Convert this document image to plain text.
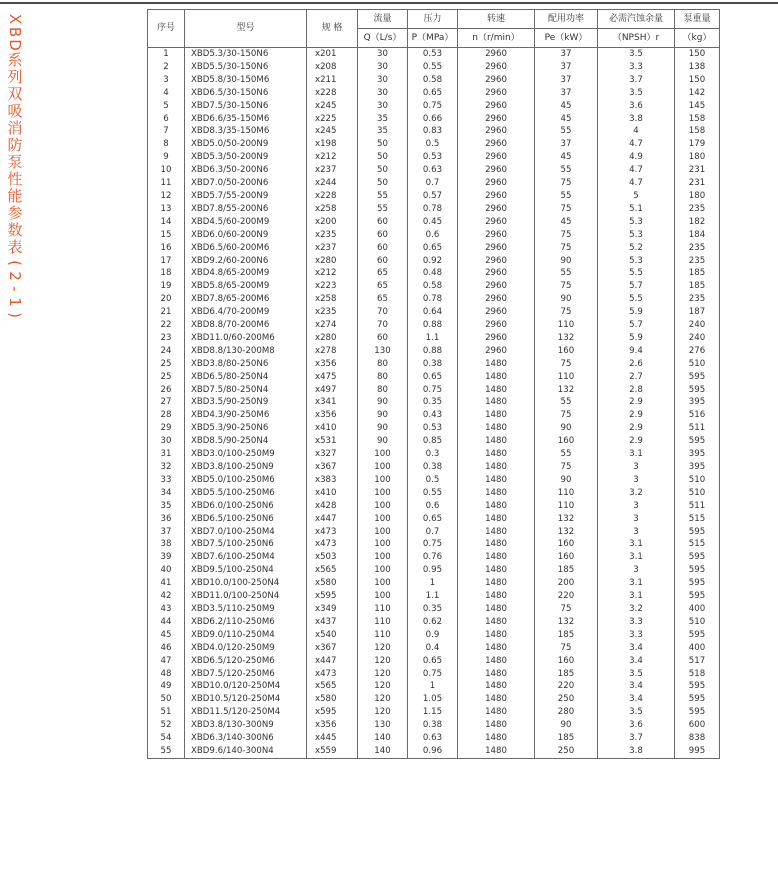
X
B
D
系
列
双
吸
消
防
泵
性
能
参
数
表
(
2
-
1
)
序号	型号	规 格	流量	压力	转速	配用功率	必需汽蚀余量	泵重量
			Q（L/s）	P（MPa）	n（r/min）	Pe（kW）	（NPSH）r	（kg）
1	XBD5.3/30-150N6	x201	30	0.53	2960	37	3.5	150
2	XBD5.5/30-150N6	x208	30	0.55	2960	37	3.3	138
3	XBD5.8/30-150M6	x211	30	0.58	2960	37	3.7	150
4	XBD6.5/30-150N6	x228	30	0.65	2960	37	3.5	142
5	XBD7.5/30-150N6	x245	30	0.75	2960	45	3.6	145
6	XBD6.6/35-150M6	x225	35	0.66	2960	45	3.8	158
7	XBD8.3/35-150M6	x245	35	0.83	2960	55	4	158
8	XBD5.0/50-200N9	x198	50	0.5	2960	37	4.7	179
9	XBD5.3/50-200N9	x212	50	0.53	2960	45	4.9	180
10	XBD6.3/50-200N6	x237	50	0.63	2960	55	4.7	231
11	XBD7.0/50-200N6	x244	50	0.7	2960	75	4.7	231
12	XBD5.7/55-200N9	x228	55	0.57	2960	55	5	180
13	XBD7.8/55-200N6	x258	55	0.78	2960	75	5.1	235
14	XBD4.5/60-200M9	x200	60	0.45	2960	45	5.3	182
15	XBD6.0/60-200N9	x235	60	0.6	2960	75	5.3	184
16	XBD6.5/60-200M6	x237	60	0.65	2960	75	5.2	235
17	XBD9.2/60-200N6	x280	60	0.92	2960	90	5.3	235
18	XBD4.8/65-200M9	x212	65	0.48	2960	55	5.5	185
19	XBD5.8/65-200M9	x223	65	0.58	2960	75	5.7	185
20	XBD7.8/65-200M6	x258	65	0.78	2960	90	5.5	235
21	XBD6.4/70-200M9	x235	70	0.64	2960	75	5.9	187
22	XBD8.8/70-200M6	x274	70	0.88	2960	110	5.7	240
23	XBD11.0/60-200M6	x280	60	1.1	2960	132	5.9	240
24	XBD8.8/130-200M8	x278	130	0.88	2960	160	9.4	276
25	XBD3.8/80-250N6	x356	80	0.38	1480	75	2.6	510
25	XBD6.5/80-250N4	x475	80	0.65	1480	110	2.7	595
26	XBD7.5/80-250N4	x497	80	0.75	1480	132	2.8	595
27	XBD3.5/90-250N9	x341	90	0.35	1480	55	2.9	395
28	XBD4.3/90-250M6	x356	90	0.43	1480	75	2.9	516
29	XBD5.3/90-250N6	x410	90	0.53	1480	90	2.9	511
30	XBD8.5/90-250N4	x531	90	0.85	1480	160	2.9	595
31	XBD3.0/100-250M9	x327	100	0.3	1480	55	3.1	395
32	XBD3.8/100-250N9	x367	100	0.38	1480	75	3	395
33	XBD5.0/100-250M6	x383	100	0.5	1480	90	3	510
34	XBD5.5/100-250M6	x410	100	0.55	1480	110	3.2	510
35	XBD6.0/100-250N6	x428	100	0.6	1480	110	3	511
36	XBD6.5/100-250N6	x447	100	0.65	1480	132	3	515
37	XBD7.0/100-250M4	x473	100	0.7	1480	132	3	595
38	XBD7.5/100-250N6	x473	100	0.75	1480	160	3.1	515
39	XBD7.6/100-250M4	x503	100	0.76	1480	160	3.1	595
40	XBD9.5/100-250N4	x565	100	0.95	1480	185	3	595
41	XBD10.0/100-250N4	x580	100	1	1480	200	3.1	595
42	XBD11.0/100-250N4	x595	100	1.1	1480	220	3.1	595
43	XBD3.5/110-250M9	x349	110	0.35	1480	75	3.2	400
44	XBD6.2/110-250M6	x437	110	0.62	1480	132	3.3	510
45	XBD9.0/110-250M4	x540	110	0.9	1480	185	3.3	595
46	XBD4.0/120-250M9	x367	120	0.4	1480	75	3.4	400
47	XBD6.5/120-250M6	x447	120	0.65	1480	160	3.4	517
48	XBD7.5/120-250M6	x473	120	0.75	1480	185	3.5	518
49	XBD10.0/120-250M4	x565	120	1	1480	220	3.4	595
50	XBD10.5/120-250M4	x580	120	1.05	1480	250	3.4	595
51	XBD11.5/120-250M4	x595	120	1.15	1480	280	3.5	595
52	XBD3.8/130-300N9	x356	130	0.38	1480	90	3.6	600
54	XBD6.3/140-300N6	x445	140	0.63	1480	185	3.7	838
55	XBD9.6/140-300N4	x559	140	0.96	1480	250	3.8	995
